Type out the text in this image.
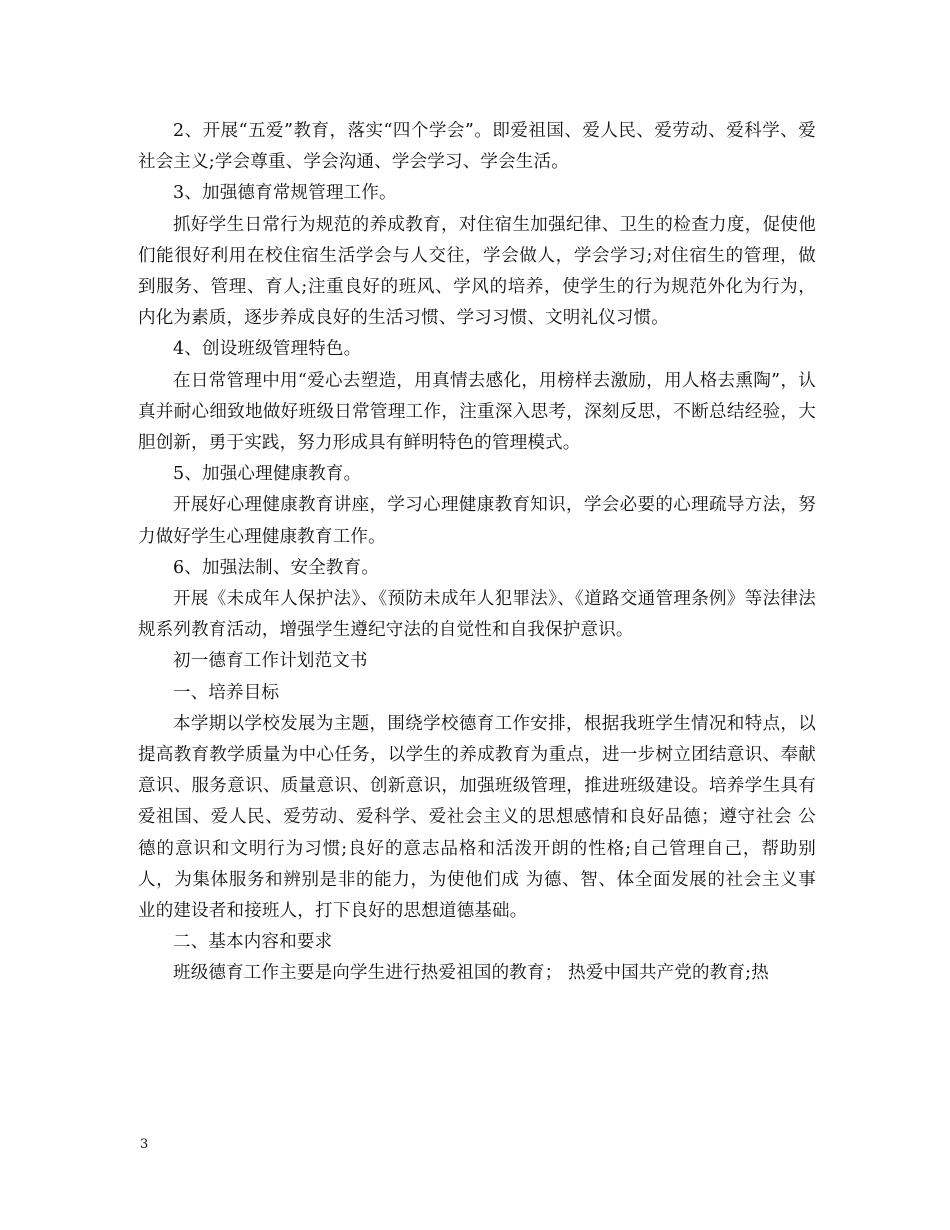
2、开展“五爱”教育，落实“四个学会”。即爱祖国、爱人民、爱劳动、爱科学、爱社会主义;学会尊重、学会沟通、学会学习、学会生活。

3、加强德育常规管理工作。

抓好学生日常行为规范的养成教育，对住宿生加强纪律、卫生的检查力度，促使他们能很好利用在校住宿生活学会与人交往，学会做人，学会学习;对住宿生的管理，做到服务、管理、育人;注重良好的班风、学风的培养，使学生的行为规范外化为行为，内化为素质，逐步养成良好的生活习惯、学习习惯、文明礼仪习惯。

4、创设班级管理特色。

在日常管理中用“爱心去塑造，用真情去感化，用榜样去激励，用人格去熏陶”，认真并耐心细致地做好班级日常管理工作，注重深入思考，深刻反思，不断总结经验，大胆创新，勇于实践，努力形成具有鲜明特色的管理模式。

5、加强心理健康教育。

开展好心理健康教育讲座，学习心理健康教育知识，学会必要的心理疏导方法，努力做好学生心理健康教育工作。

6、加强法制、安全教育。

开展《未成年人保护法》、《预防未成年人犯罪法》、《道路交通管理条例》等法律法规系列教育活动，增强学生遵纪守法的自觉性和自我保护意识。

初一德育工作计划范文书

一、培养目标

本学期以学校发展为主题，围绕学校德育工作安排，根据我班学生情况和特点，以提高教育教学质量为中心任务，以学生的养成教育为重点，进一步树立团结意识、奉献意识、服务意识、质量意识、创新意识，加强班级管理，推进班级建设。培养学生具有爱祖国、爱人民、爱劳动、爱科学、爱社会主义的思想感情和良好品德；遵守社会 公德的意识和文明行为习惯;良好的意志品格和活泼开朗的性格;自己管理自己，帮助别人，为集体服务和辨别是非的能力，为使他们成 为德、智、体全面发展的社会主义事业的建设者和接班人，打下良好的思想道德基础。

二、基本内容和要求

班级德育工作主要是向学生进行热爱祖国的教育； 热爱中国共产党的教育;热

3
